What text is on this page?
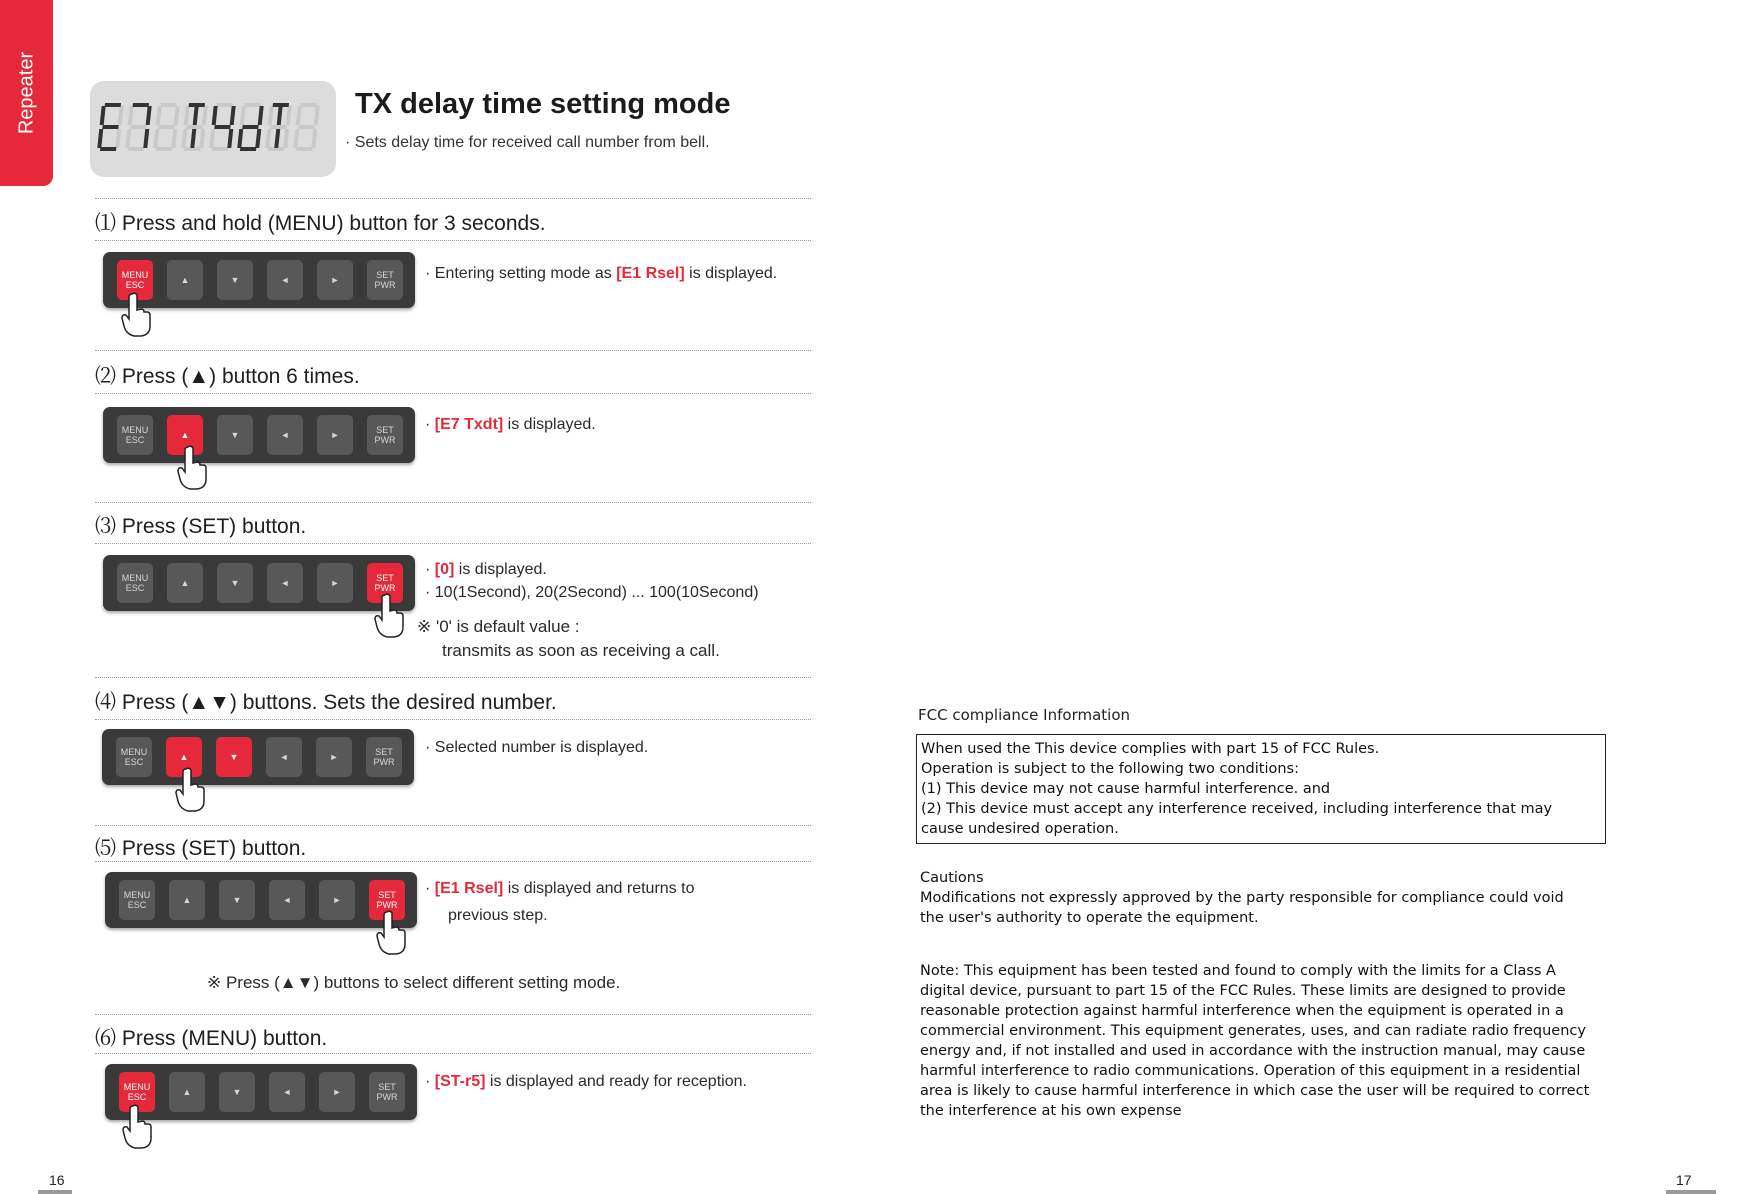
Repeater	TX delay time setting mode
· Sets delay time for received call number from bell.
⑴ Press and hold (MENU) button for 3 seconds.
MENU
ESC	▲	▼	◄	►	SET
PWR
· Entering setting mode as [E1 Rsel] is displayed.
⑵ Press (▲) button 6 times.
MENU
ESC	▲	▼	◄	►	SET
PWR
· [E7 Txdt] is displayed.
⑶ Press (SET) button.
MENU
ESC	▲	▼	◄	►	SET
PWR
· [0] is displayed.
· 10(1Second), 20(2Second) ... 100(10Second)
※ '0' is default value :
transmits as soon as receiving a call.
⑷ Press (▲▼) buttons. Sets the desired number.
MENU
ESC	▲	▼	◄	►	SET
PWR
· Selected number is displayed.
⑸ Press (SET) button.
MENU
ESC	▲	▼	◄	►	SET
PWR
· [E1 Rsel] is displayed and returns to
previous step.
※ Press (▲▼) buttons to select different setting mode.
⑹ Press (MENU) button.
MENU
ESC	▲	▼	◄	►	SET
PWR
· [ST-r5] is displayed and ready for reception.
FCC compliance Information
When used the This device complies with part 15 of FCC Rules.
Operation is subject to the following two conditions:
(1) This device may not cause harmful interference. and
(2) This device must accept any interference received, including interference that may
cause undesired operation.
Cautions
Modifications not expressly approved by the party responsible for compliance could void
the user's authority to operate the equipment.
Note: This equipment has been tested and found to comply with the limits for a Class A
digital device, pursuant to part 15 of the FCC Rules. These limits are designed to provide
reasonable protection against harmful interference when the equipment is operated in a
commercial environment. This equipment generates, uses, and can radiate radio frequency
energy and, if not installed and used in accordance with the instruction manual, may cause
harmful interference to radio communications. Operation of this equipment in a residential
area is likely to cause harmful interference in which case the user will be required to correct
the interference at his own expense
16	17
